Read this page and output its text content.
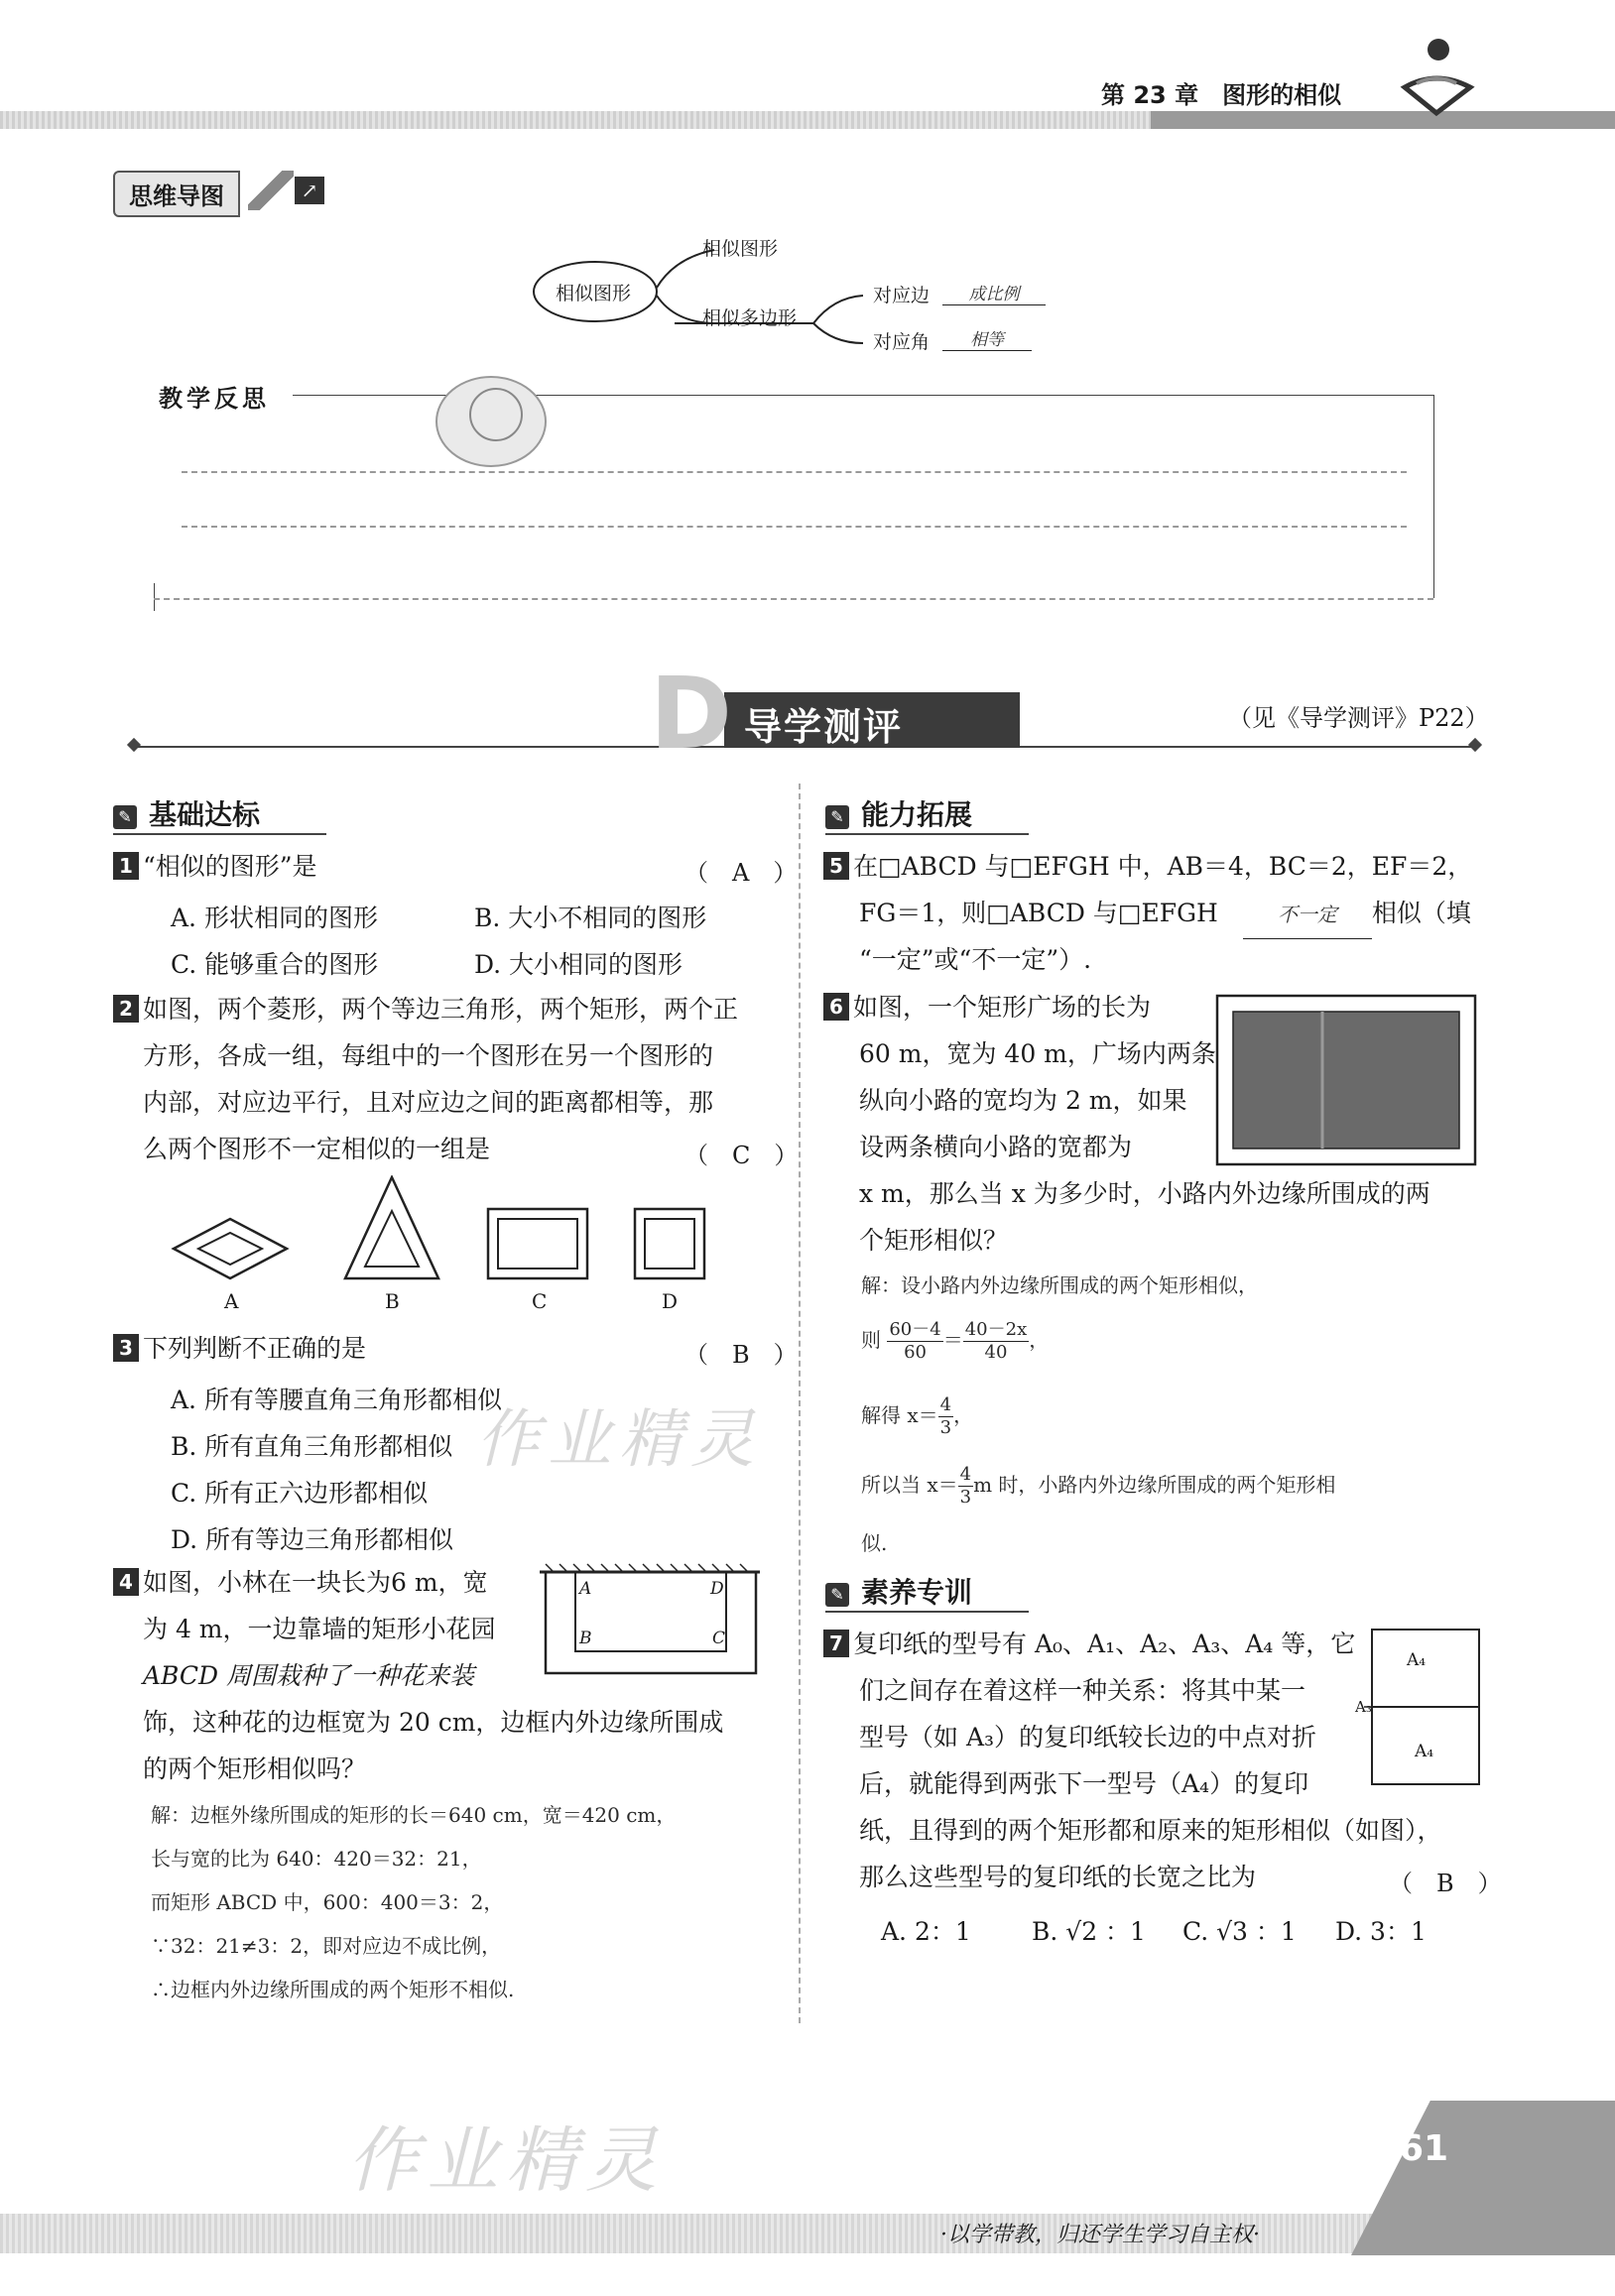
第 23 章　图形的相似
思维导图	↗
相似图形
相似图形
相似多边形
对应边	成比例
对应角	相等
教学反思
D 导学测评	（见《导学测评》P22）
✎ 基础达标
1 “相似的图形”是	（　A　）
A. 形状相同的图形	B. 大小不相同的图形
C. 能够重合的图形	D. 大小相同的图形
2 如图，两个菱形，两个等边三角形，两个矩形，两个正
方形，各成一组，每组中的一个图形在另一个图形的
内部，对应边平行，且对应边之间的距离都相等，那
么两个图形不一定相似的一组是	（　C　）
A	B	C	D
3 下列判断不正确的是	（　B　）
A. 所有等腰直角三角形都相似
B. 所有直角三角形都相似
C. 所有正六边形都相似
D. 所有等边三角形都相似
4 如图，小林在一块长为6 m，宽
为 4 m，一边靠墙的矩形小花园
ABCD 周围栽种了一种花来装
饰，这种花的边框宽为 20 cm，边框内外边缘所围成
的两个矩形相似吗？
A	D
B	C
解：边框外缘所围成的矩形的长＝640 cm，宽＝420 cm，
长与宽的比为 640：420＝32：21，
而矩形 ABCD 中，600：400＝3：2，
∵32：21≠3：2，即对应边不成比例，
∴边框内外边缘所围成的两个矩形不相似.
✎ 能力拓展
5 在□ABCD 与□EFGH 中，AB＝4，BC＝2，EF＝2，
FG＝1，则□ABCD 与□EFGH　	不一定 相似（填
“一定”或“不一定”）.
6 如图，一个矩形广场的长为
60 m，宽为 40 m，广场内两条
纵向小路的宽均为 2 m，如果
设两条横向小路的宽都为
x m，那么当 x 为多少时，小路内外边缘所围成的两
个矩形相似？
解：设小路内外边缘所围成的两个矩形相似，
则 $\frac{60-4}{60} = \frac{40-2x}{40}$ ，
解得 $x= \frac{4}{3}$ ，
所以当 $x= \frac{4}{3}$ m 时，小路内外边缘所围成的两个矩形相
似.
✎ 素养专训
7 复印纸的型号有 A₀、A₁、A₂、A₃、A₄ 等，它
们之间存在着这样一种关系：将其中某一
型号（如 A₃）的复印纸较长边的中点对折
后，就能得到两张下一型号（A₄）的复印
纸，且得到的两个矩形都和原来的矩形相似（如图），
那么这些型号的复印纸的长宽之比为	（　B　）
A₄
A₃
A₄
A. 2：1 B. √2 ：1 C. √3 ：1 D. 3：1
作业精灵
作业精灵
·以学带教，归还学生学习自主权·
61
